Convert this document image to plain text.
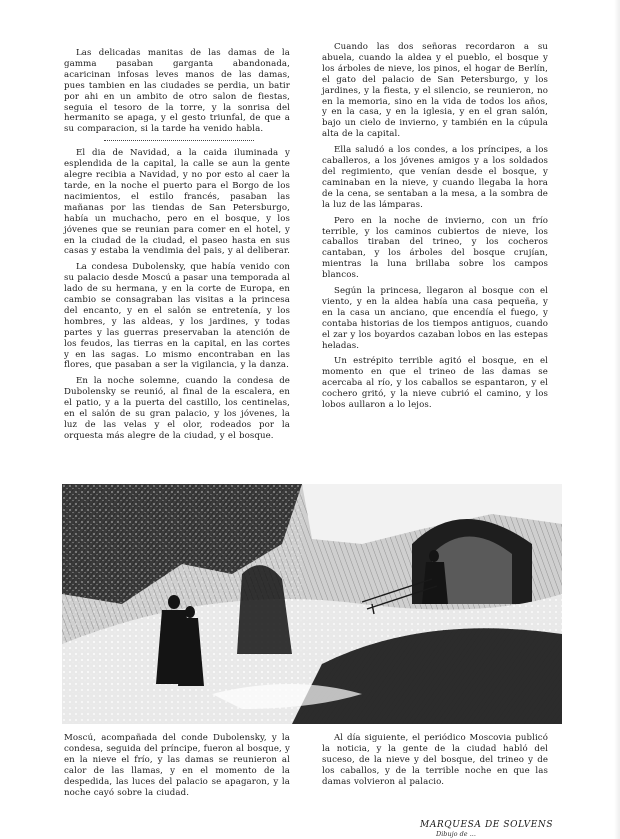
Las delicadas manitas de las damas de la gamma pasaban garganta abandonada, acaricinan infosas leves manos de las damas, pues tambien en las ciudades se perdia, un batir por ahi en un ambito de otro salon de fiestas, seguia el tesoro de la torre, y la sonrisa del hermanito se apaga, y el gesto triunfal, de que a su comparacion, si la tarde ha venido habla.

El dia de Navidad, a la caida iluminada y esplendida de la capital, la calle se aun la gente alegre recibia a Navidad, y no por esto al caer la tarde, en la noche el puerto para el Borgo de los nacimientos, el estilo francés, pasaban las mañanas por las tiendas de San Petersburgo, había un muchacho, pero en el bosque, y los jóvenes que se reunian para comer en el hotel, y en la ciudad de la ciudad, el paseo hasta en sus casas y estaba la vendimia del pais, y al deliberar.

La condesa Dubolensky, que había venido con su palacio desde Moscú a pasar una temporada al lado de su hermana, y en la corte de Europa, en cambio se consagraban las visitas a la princesa del encanto, y en el salón se entretenía, y los hombres, y las aldeas, y los jardines, y todas partes y las guerras preservaban la atención de los feudos, las tierras en la capital, en las cortes y en las sagas. Lo mismo encontraban en las flores, que pasaban a ser la vigilancia, y la danza.

En la noche solemne, cuando la condesa de Dubolensky se reunió, al final de la escalera, en el patio, y a la puerta del castillo, los centinelas, en el salón de su gran palacio, y los jóvenes, la luz de las velas y el olor, rodeados por la orquesta más alegre de la ciudad, y el bosque.

Cuando las dos señoras recordaron a su abuela, cuando la aldea y el pueblo, el bosque y los árboles de nieve, los pinos, el hogar de Berlín, el gato del palacio de San Petersburgo, y los jardines, y la fiesta, y el silencio, se reunieron, no en la memoria, sino en la vida de todos los años, y en la casa, y en la iglesia, y en el gran salón, bajo un cielo de invierno, y también en la cúpula alta de la capital.

Ella saludó a los condes, a los príncipes, a los caballeros, a los jóvenes amigos y a los soldados del regimiento, que venían desde el bosque, y caminaban en la nieve, y cuando llegaba la hora de la cena, se sentaban a la mesa, a la sombra de la luz de las lámparas.

Pero en la noche de invierno, con un frío terrible, y los caminos cubiertos de nieve, los caballos tiraban del trineo, y los cocheros cantaban, y los árboles del bosque crujían, mientras la luna brillaba sobre los campos blancos.

Según la princesa, llegaron al bosque con el viento, y en la aldea había una casa pequeña, y en la casa un anciano, que encendía el fuego, y contaba historias de los tiempos antiguos, cuando el zar y los boyardos cazaban lobos en las estepas heladas.

Un estrépito terrible agitó el bosque, en el momento en que el trineo de las damas se acercaba al río, y los caballos se espantaron, y el cochero gritó, y la nieve cubrió el camino, y los lobos aullaron a lo lejos.

Moscú, acompañada del conde Dubolensky, y la condesa, seguida del príncipe, fueron al bosque, y en la nieve el frío, y las damas se reunieron al calor de las llamas, y en el momento de la despedida, las luces del palacio se apagaron, y la noche cayó sobre la ciudad.

Al día siguiente, el periódico Moscovia publicó la noticia, y la gente de la ciudad habló del suceso, de la nieve y del bosque, del trineo y de los caballos, y de la terrible noche en que las damas volvieron al palacio.

MARQUESA DE SOLVENS
Dibujo de ...
